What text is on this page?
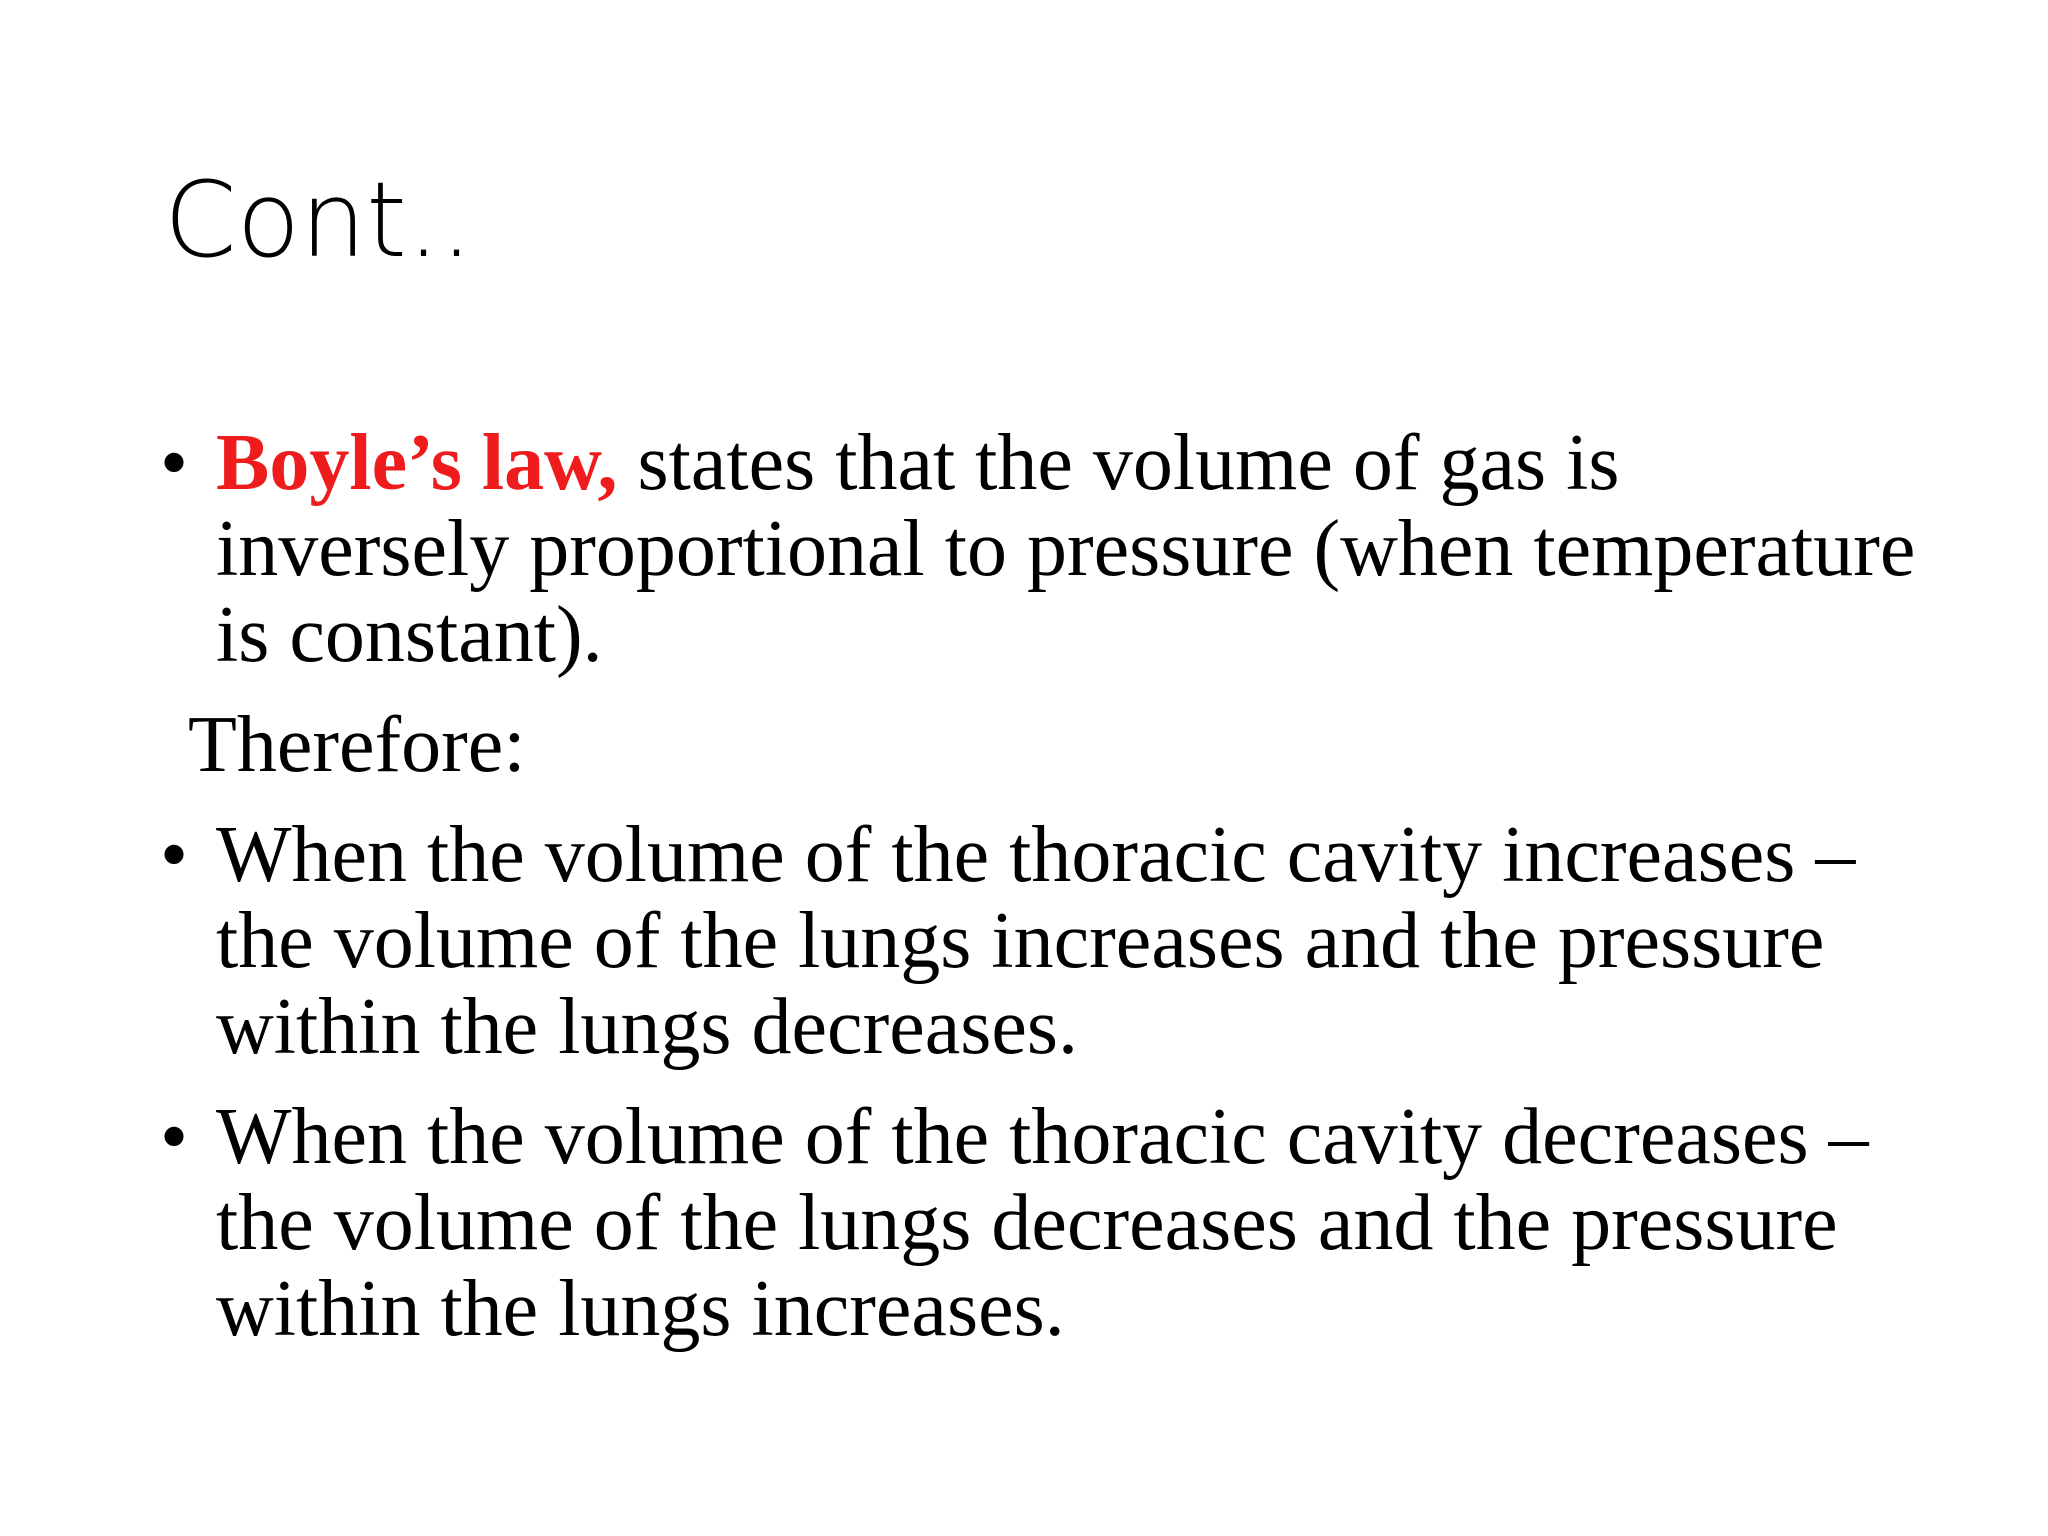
Cont..
• Boyle’s law, states that the volume of gas is inversely proportional to pressure (when temperature is constant).
Therefore:
• When the volume of the thoracic cavity increases – the volume of the lungs increases and the pressure within the lungs decreases.
• When the volume of the thoracic cavity decreases – the volume of the lungs decreases and the pressure within the lungs increases.
